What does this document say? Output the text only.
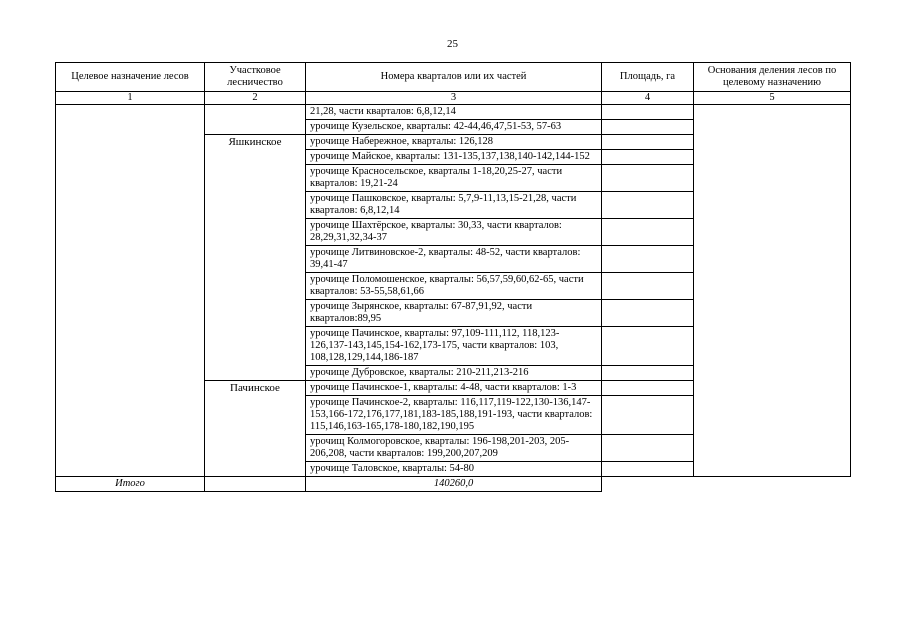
25
Целевое назначение лесов	Участковое лесничество	Номера кварталов или их частей	Площадь, га	Основания деления лесов по целевому назначению
1	2	3	4	5
		21,28, части кварталов: 6,8,12,14		
		урочище Кузельское, кварталы: 42-44,46,47,51-53, 57-63		
	Яшкинское	урочище Набережное, кварталы: 126,128		
		урочище Майское, кварталы: 131-135,137,138,140-142,144-152		
		урочище Красносельское, кварталы 1-18,20,25-27, части кварталов: 19,21-24		
		урочище Пашковское, кварталы: 5,7,9-11,13,15-21,28, части кварталов: 6,8,12,14		
		урочище Шахтёрское, кварталы: 30,33, части кварталов: 28,29,31,32,34-37		
		урочище Литвиновское-2, кварталы: 48-52, части кварталов: 39,41-47		
		урочище Поломошенское, кварталы: 56,57,59,60,62-65, части кварталов: 53-55,58,61,66		
		урочище Зырянское, кварталы: 67-87,91,92, части кварталов:89,95		
		урочище Пачинское, кварталы: 97,109-111,112, 118,123-126,137-143,145,154-162,173-175, части кварталов: 103, 108,128,129,144,186-187		
		урочище Дубровское, кварталы: 210-211,213-216		
	Пачинское	урочище Пачинское-1, кварталы: 4-48, части кварталов: 1-3		
		урочище Пачинское-2, кварталы: 116,117,119-122,130-136,147-153,166-172,176,177,181,183-185,188,191-193, части кварталов: 115,146,163-165,178-180,182,190,195		
		урочищ Колмогоровское, кварталы: 196-198,201-203, 205-206,208, части кварталов: 199,200,207,209		
		урочище Таловское, кварталы: 54-80		
Итого		140260,0		
